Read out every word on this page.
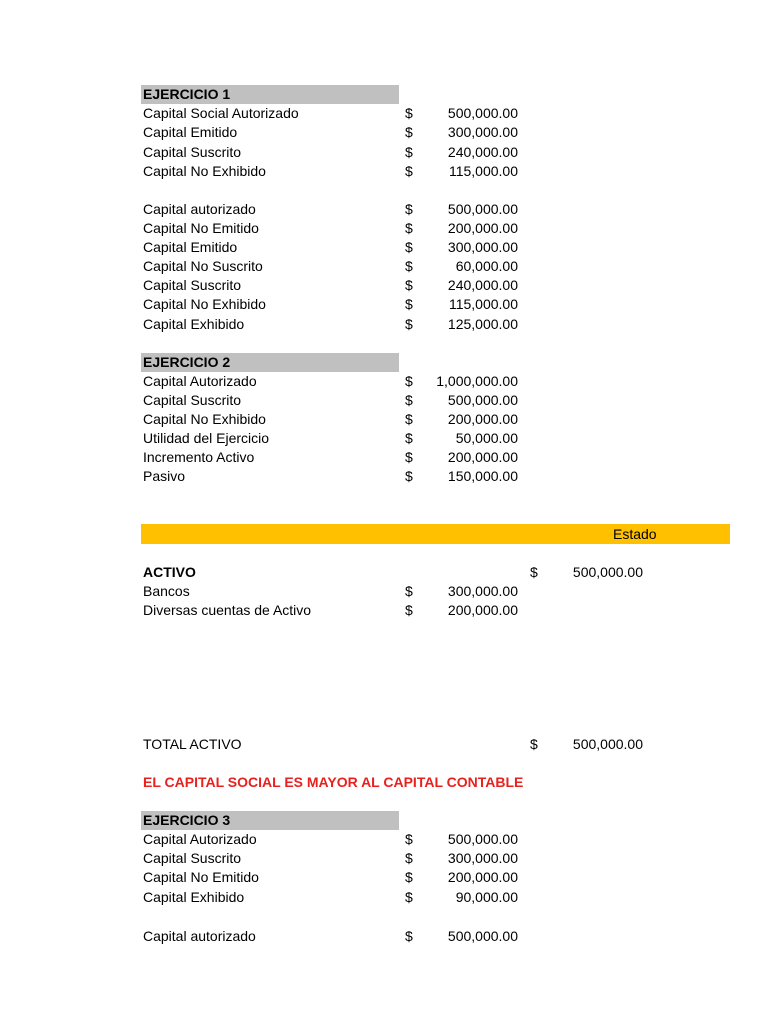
EJERCICIO 1
Capital Social Autorizado	$	500,000.00
Capital Emitido	$	300,000.00
Capital Suscrito	$	240,000.00
Capital No Exhibido	$	115,000.00
Capital autorizado	$	500,000.00
Capital No Emitido	$	200,000.00
Capital Emitido	$	300,000.00
Capital No Suscrito	$	60,000.00
Capital Suscrito	$	240,000.00
Capital No Exhibido	$	115,000.00
Capital Exhibido	$	125,000.00
EJERCICIO 2
Capital Autorizado	$	1,000,000.00
Capital Suscrito	$	500,000.00
Capital No Exhibido	$	200,000.00
Utilidad del Ejercicio	$	50,000.00
Incremento Activo	$	200,000.00
Pasivo	$	150,000.00
Estado
ACTIVO	$	500,000.00
Bancos	$	300,000.00
Diversas cuentas de Activo	$	200,000.00
TOTAL ACTIVO	$	500,000.00
EL CAPITAL SOCIAL ES MAYOR AL CAPITAL CONTABLE
EJERCICIO 3
Capital Autorizado	$	500,000.00
Capital Suscrito	$	300,000.00
Capital No Emitido	$	200,000.00
Capital Exhibido	$	90,000.00
Capital autorizado	$	500,000.00
